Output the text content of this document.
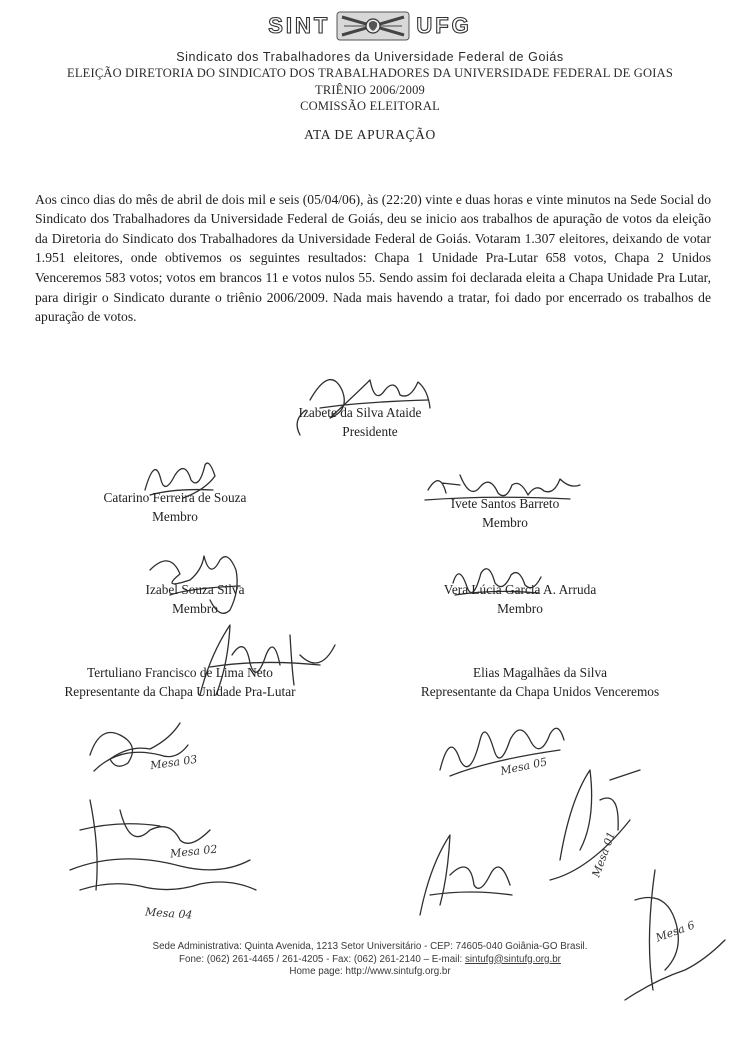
SINT	UFG
Sindicato dos Trabalhadores da Universidade Federal de Goiás
ELEIÇÃO DIRETORIA DO SINDICATO DOS TRABALHADORES DA UNIVERSIDADE FEDERAL DE GOIAS
TRIÊNIO 2006/2009
COMISSÃO ELEITORAL
ATA DE APURAÇÃO

Aos cinco dias do mês de abril de dois mil e seis (05/04/06), às (22:20) vinte e duas horas e vinte minutos na Sede Social do Sindicato dos Trabalhadores da Universidade Federal de Goiás, deu se inicio aos trabalhos de apuração de votos da eleição da Diretoria do Sindicato dos Trabalhadores da Universidade Federal de Goiás. Votaram 1.307 eleitores, deixando de votar 1.951 eleitores, onde obtivemos os seguintes resultados: Chapa 1 Unidade Pra-Lutar 658 votos, Chapa 2 Unidos Venceremos 583 votos; votos em brancos 11 e votos nulos 55. Sendo assim foi declarada eleita a Chapa Unidade Pra Lutar, para dirigir o Sindicato durante o triênio 2006/2009. Nada mais havendo a tratar, foi dado por encerrado os trabalhos de apuração de votos.

Izabete da Silva Ataide
Presidente
Catarino Ferreira de Souza
Membro
Ivete Santos Barreto
Membro
Izabel Souza Silva
Membro
Vera Lúcia Garcia A. Arruda
Membro
Tertuliano Francisco de Lima Neto
Representante da Chapa Unidade Pra-Lutar
Elias Magalhães da Silva
Representante da Chapa Unidos Venceremos
Mesa 03	Mesa 05
Mesa 02
Mesa 04
Mesa 01
Mesa 6
Sede Administrativa: Quinta Avenida, 1213 Setor Universitário - CEP: 74605-040 Goiânia-GO Brasil.
Fone: (062) 261-4465 / 261-4205 - Fax: (062) 261-2140 – E-mail: sintufg@sintufg.org.br
Home page: http://www.sintufg.org.br
